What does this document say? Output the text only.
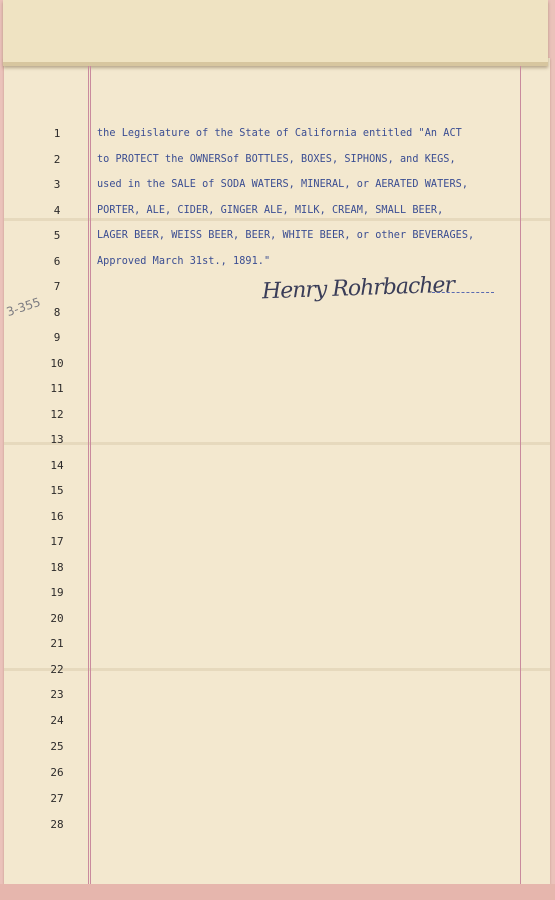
1
2
3
4
5
6
7
8
9
10
11
12
13
14
15
16
17
18
19
20
21
22
23
24
25
26
27
28
the Legislature of the State of California entitled "An ACT
to PROTECT the OWNERSof BOTTLES, BOXES, SIPHONS, and KEGS,
used in the SALE of SODA WATERS, MINERAL, or AERATED WATERS,
PORTER, ALE, CIDER, GINGER ALE, MILK, CREAM, SMALL BEER,
LAGER BEER, WEISS BEER, BEER, WHITE BEER, or other BEVERAGES,
Approved March 31st., 1891."
Henry Rohrbacher
3-355
